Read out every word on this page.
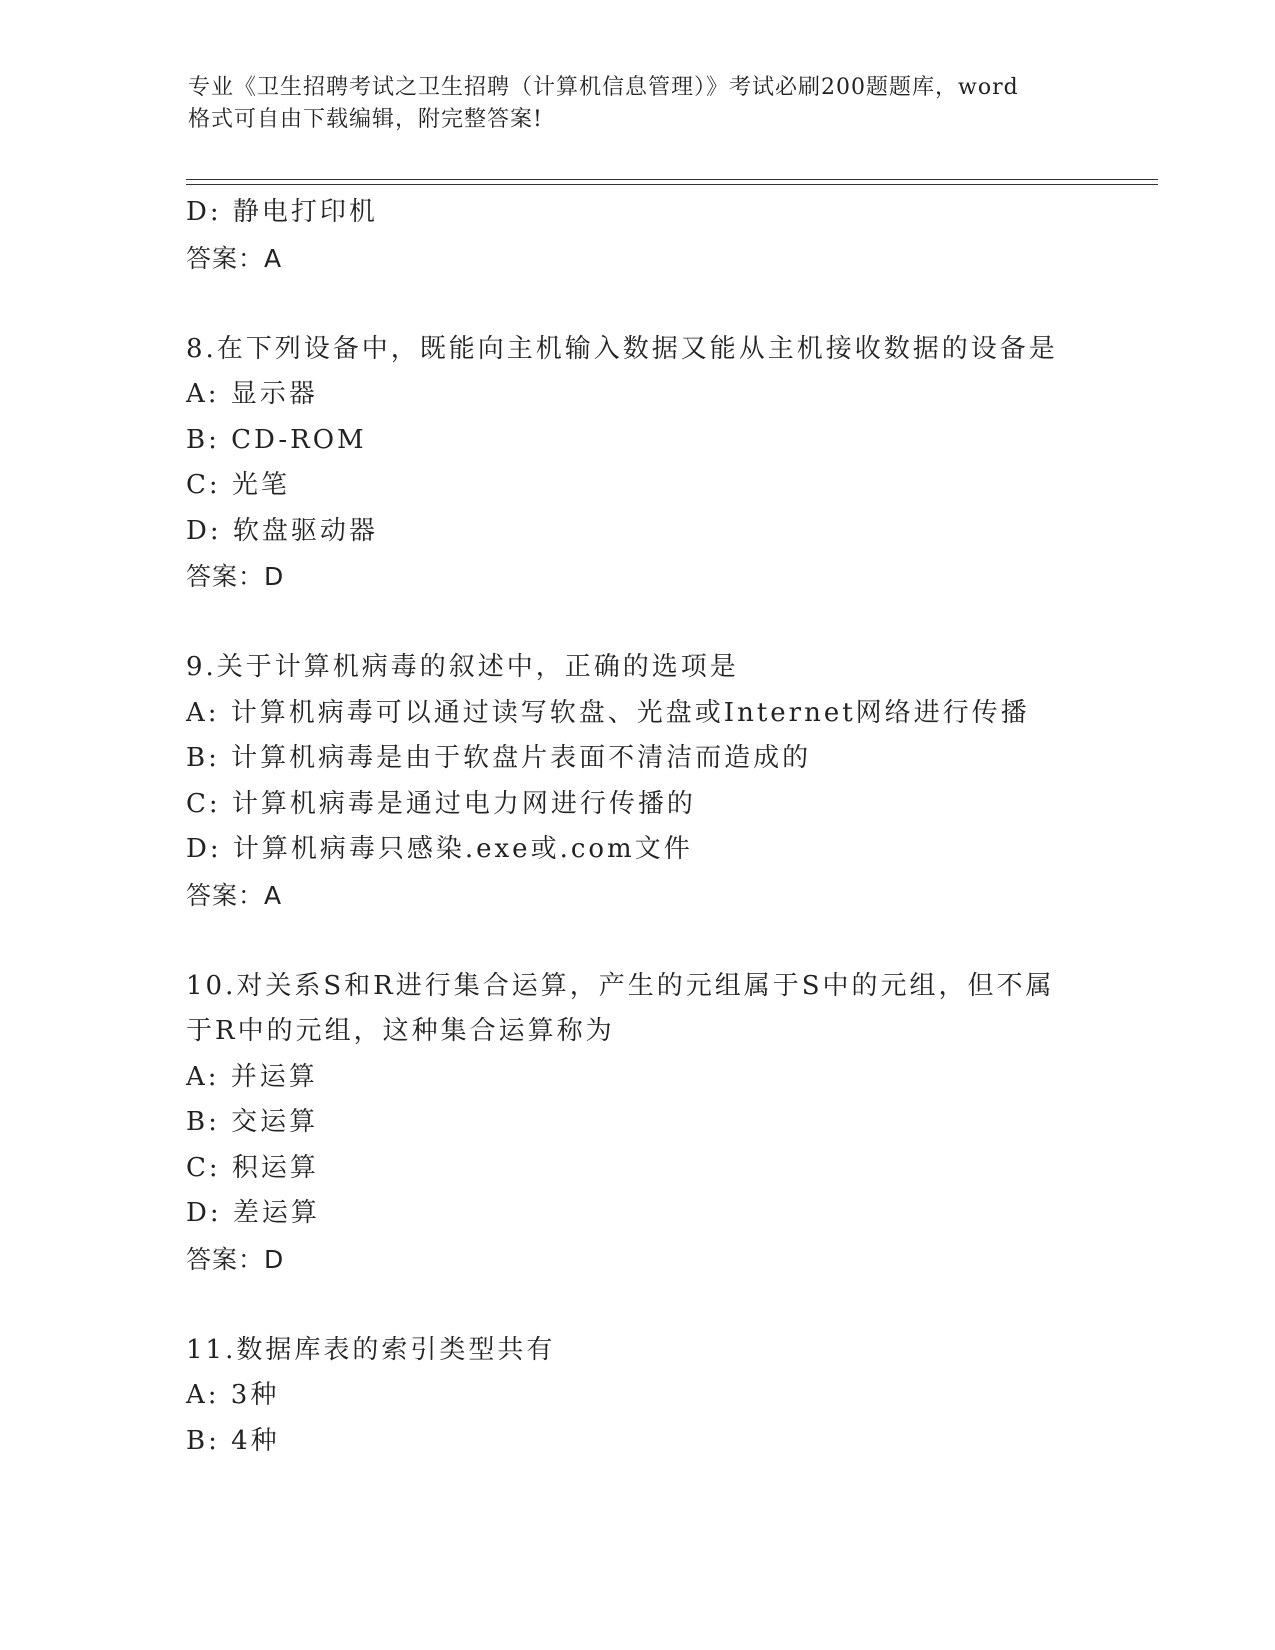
专业《卫生招聘考试之卫生招聘（计算机信息管理）》考试必刷200题题库，word
格式可自由下载编辑，附完整答案!
D: 静电打印机
答案：A
8.在下列设备中，既能向主机输入数据又能从主机接收数据的设备是
A: 显示器
B: CD-ROM
C: 光笔
D: 软盘驱动器
答案：D
9.关于计算机病毒的叙述中，正确的选项是
A: 计算机病毒可以通过读写软盘、光盘或Internet网络进行传播
B: 计算机病毒是由于软盘片表面不清洁而造成的
C: 计算机病毒是通过电力网进行传播的
D: 计算机病毒只感染.exe或.com文件
答案：A
10.对关系S和R进行集合运算，产生的元组属于S中的元组，但不属
于R中的元组，这种集合运算称为
A: 并运算
B: 交运算
C: 积运算
D: 差运算
答案：D
11.数据库表的索引类型共有
A: 3种
B: 4种
